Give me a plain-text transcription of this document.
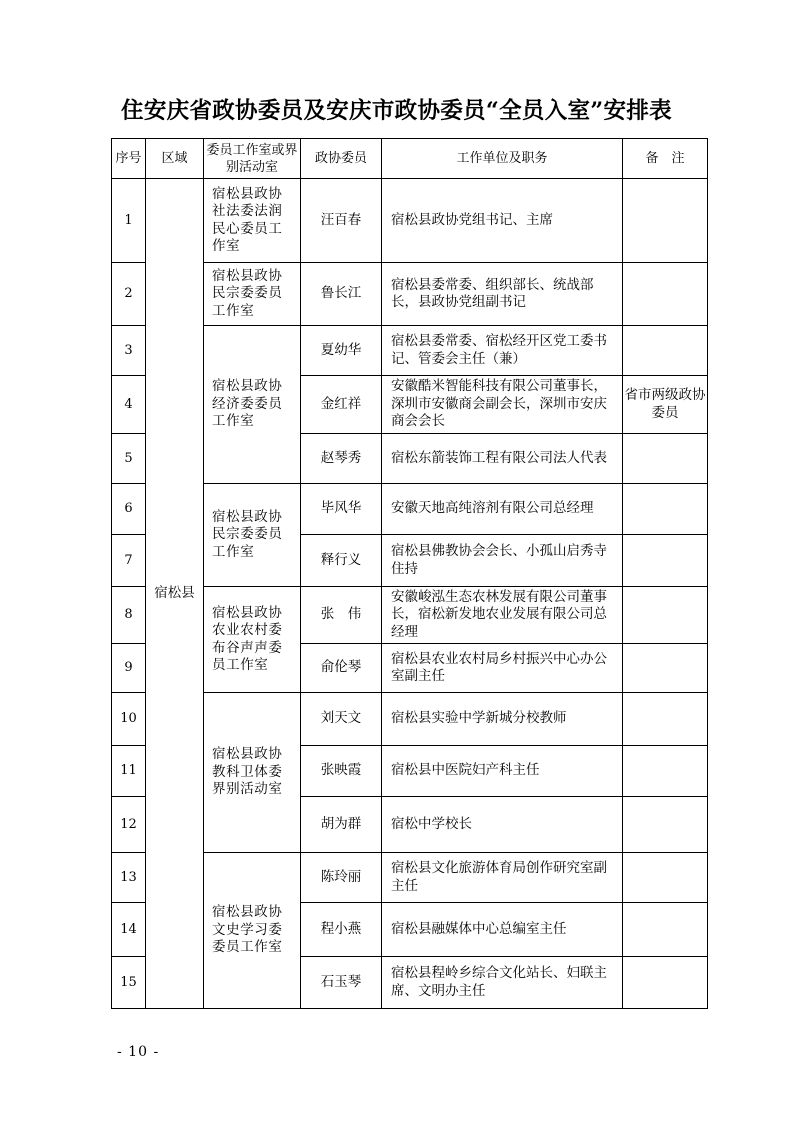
住安庆省政协委员及安庆市政协委员“全员入室”安排表
序号	区域	委员工作室或界别活动室	政协委员	工作单位及职务	备　注
1	宿松县	宿松县政协社法委法润民心委员工作室	汪百春	宿松县政协党组书记、主席	
2		宿松县政协民宗委委员工作室	鲁长江	宿松县委常委、组织部长、统战部长，县政协党组副书记	
3		宿松县政协经济委委员工作室	夏幼华	宿松县委常委、宿松经开区党工委书记、管委会主任（兼）	
4			金红祥	安徽酷米智能科技有限公司董事长，深圳市安徽商会副会长，深圳市安庆商会会长	省市两级政协委员
5			赵琴秀	宿松东箭装饰工程有限公司法人代表	
6		宿松县政协民宗委委员工作室	毕风华	安徽天地高纯溶剂有限公司总经理	
7			释行义	宿松县佛教协会会长、小孤山启秀寺住持	
8		宿松县政协农业农村委布谷声声委员工作室	张　伟	安徽峻泓生态农林发展有限公司董事长，宿松新发地农业发展有限公司总经理	
9			俞伦琴	宿松县农业农村局乡村振兴中心办公室副主任	
10		宿松县政协教科卫体委界别活动室	刘天文	宿松县实验中学新城分校教师	
11			张映霞	宿松县中医院妇产科主任	
12			胡为群	宿松中学校长	
13		宿松县政协文史学习委委员工作室	陈玲丽	宿松县文化旅游体育局创作研究室副主任	
14			程小燕	宿松县融媒体中心总编室主任	
15			石玉琴	宿松县程岭乡综合文化站长、妇联主席、文明办主任	
- 10 -
